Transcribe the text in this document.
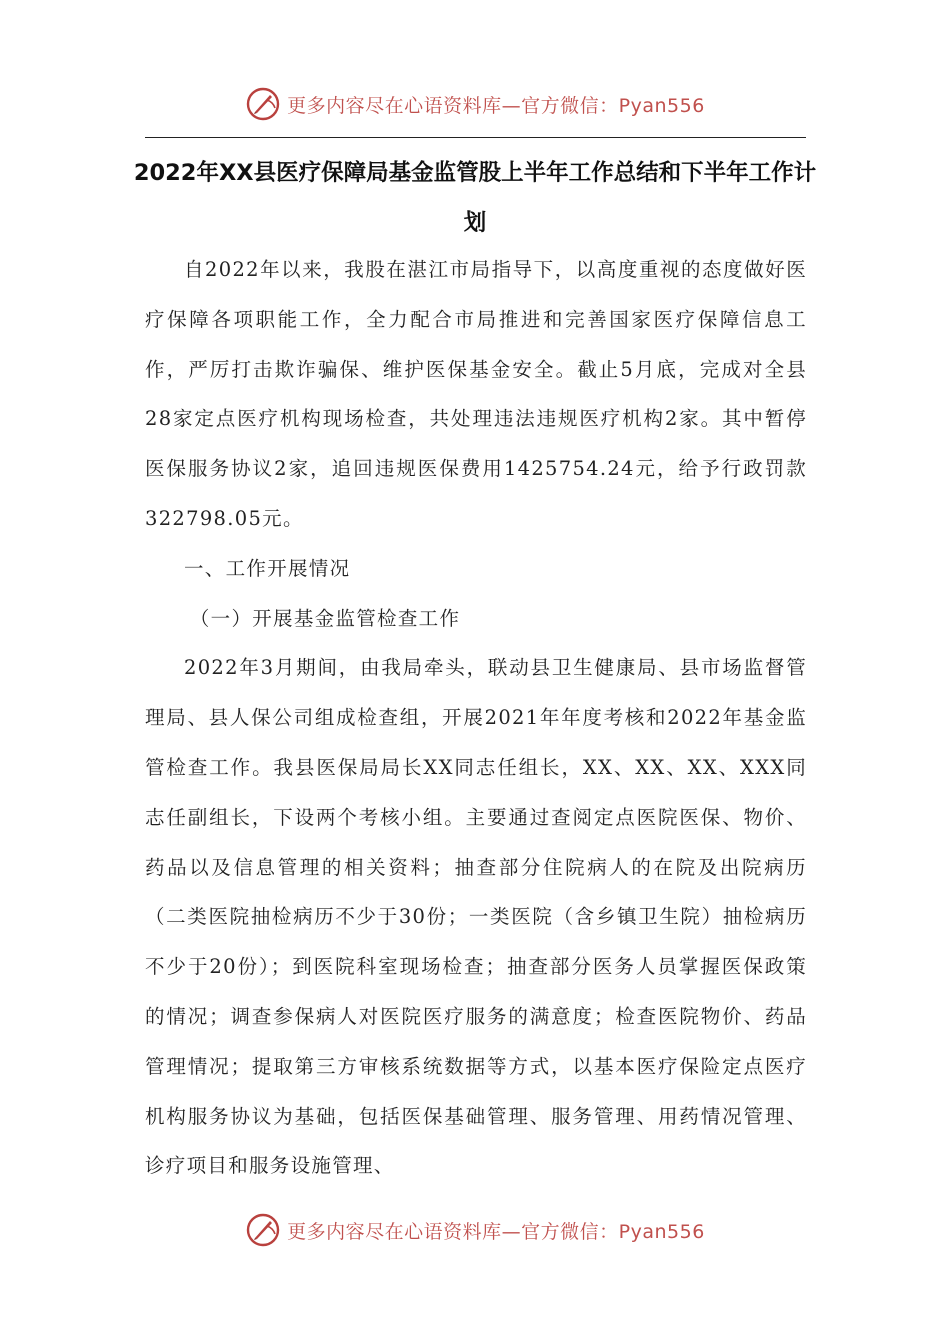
更多内容尽在心语资料库—官方微信：Pyan556
2022年XX县医疗保障局基金监管股上半年工作总结和下半年工作计划

自2022年以来，我股在湛江市局指导下，以高度重视的态度做好医疗保障各项职能工作，全力配合市局推进和完善国家医疗保障信息工作，严厉打击欺诈骗保、维护医保基金安全。截止5月底，完成对全县28家定点医疗机构现场检查，共处理违法违规医疗机构2家。其中暂停医保服务协议2家，追回违规医保费用1425754.24元，给予行政罚款322798.05元。

一、工作开展情况

（一）开展基金监管检查工作

2022年3月期间，由我局牵头，联动县卫生健康局、县市场监督管理局、县人保公司组成检查组，开展2021年年度考核和2022年基金监管检查工作。我县医保局局长XX同志任组长，XX、XX、XX、XXX同志任副组长，下设两个考核小组。主要通过查阅定点医院医保、物价、药品以及信息管理的相关资料；抽查部分住院病人的在院及出院病历（二类医院抽检病历不少于30份；一类医院（含乡镇卫生院）抽检病历不少于20份）；到医院科室现场检查；抽查部分医务人员掌握医保政策的情况；调查参保病人对医院医疗服务的满意度；检查医院物价、药品管理情况；提取第三方审核系统数据等方式，以基本医疗保险定点医疗机构服务协议为基础，包括医保基础管理、服务管理、用药情况管理、诊疗项目和服务设施管理、

更多内容尽在心语资料库—官方微信：Pyan556
